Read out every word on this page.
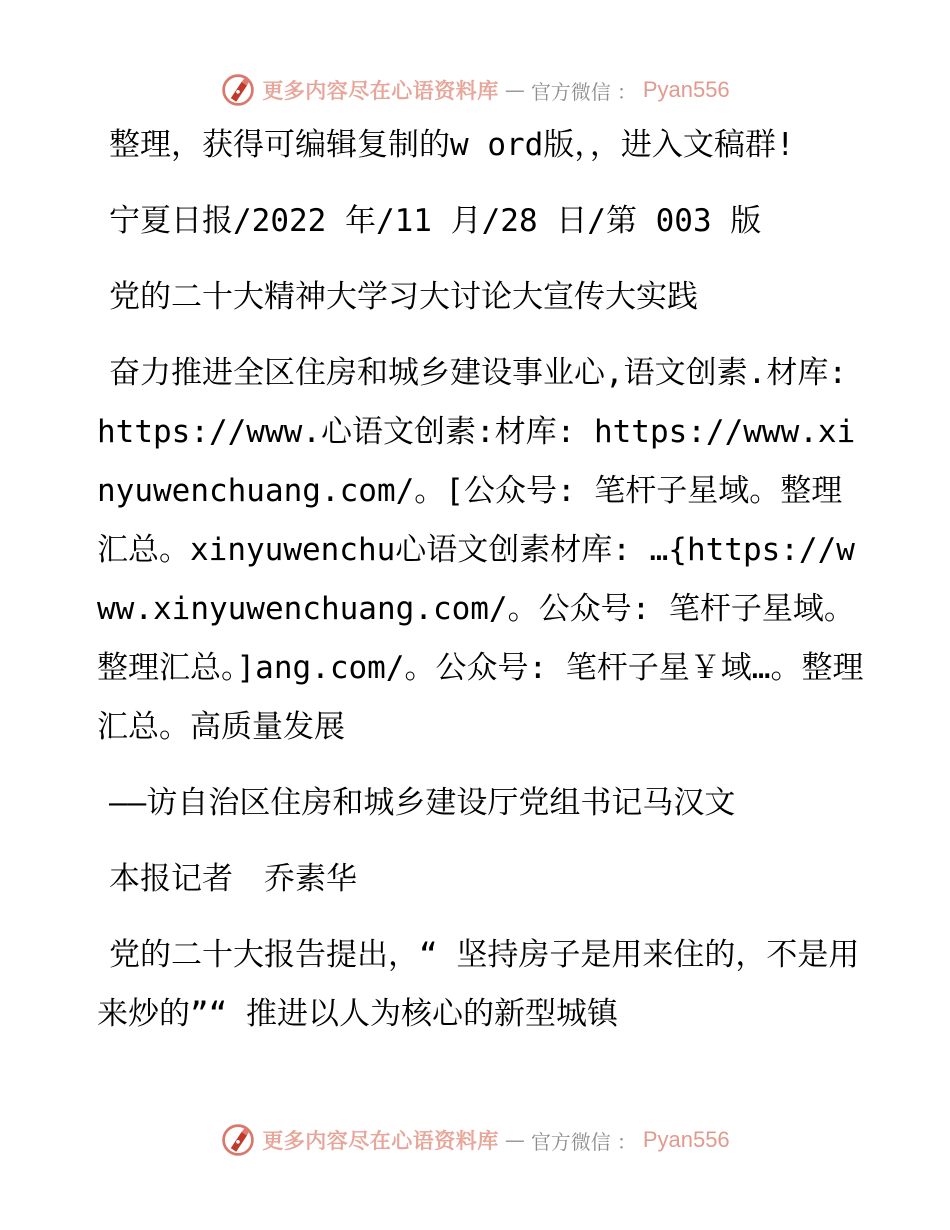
更多内容尽在心语资料库 — 官方微信 ： Pyan556

整理，获得可编辑复制的w ord版，，进入文稿群!

宁夏日报/2022 年/11 月/28 日/第 003 版

党的二十大精神大学习大讨论大宣传大实践

奋力推进全区住房和城乡建设事业心,语文创素.材库: https://www.心语文创素:材库: https://www.xinyuwenchuang.com/。[公众号: 笔杆子星域。整理汇总。xinyuwenchu心语文创素材库: …{https://www.xinyuwenchuang.com/。公众号: 笔杆子星域。整理汇总。]ang.com/。公众号: 笔杆子星￥域…。整理汇总。高质量发展

——访自治区住房和城乡建设厅党组书记马汉文

本报记者　乔素华

党的二十大报告提出，“ 坚持房子是用来住的，不是用来炒的”“ 推进以人为核心的新型城镇

更多内容尽在心语资料库 — 官方微信 ： Pyan556
